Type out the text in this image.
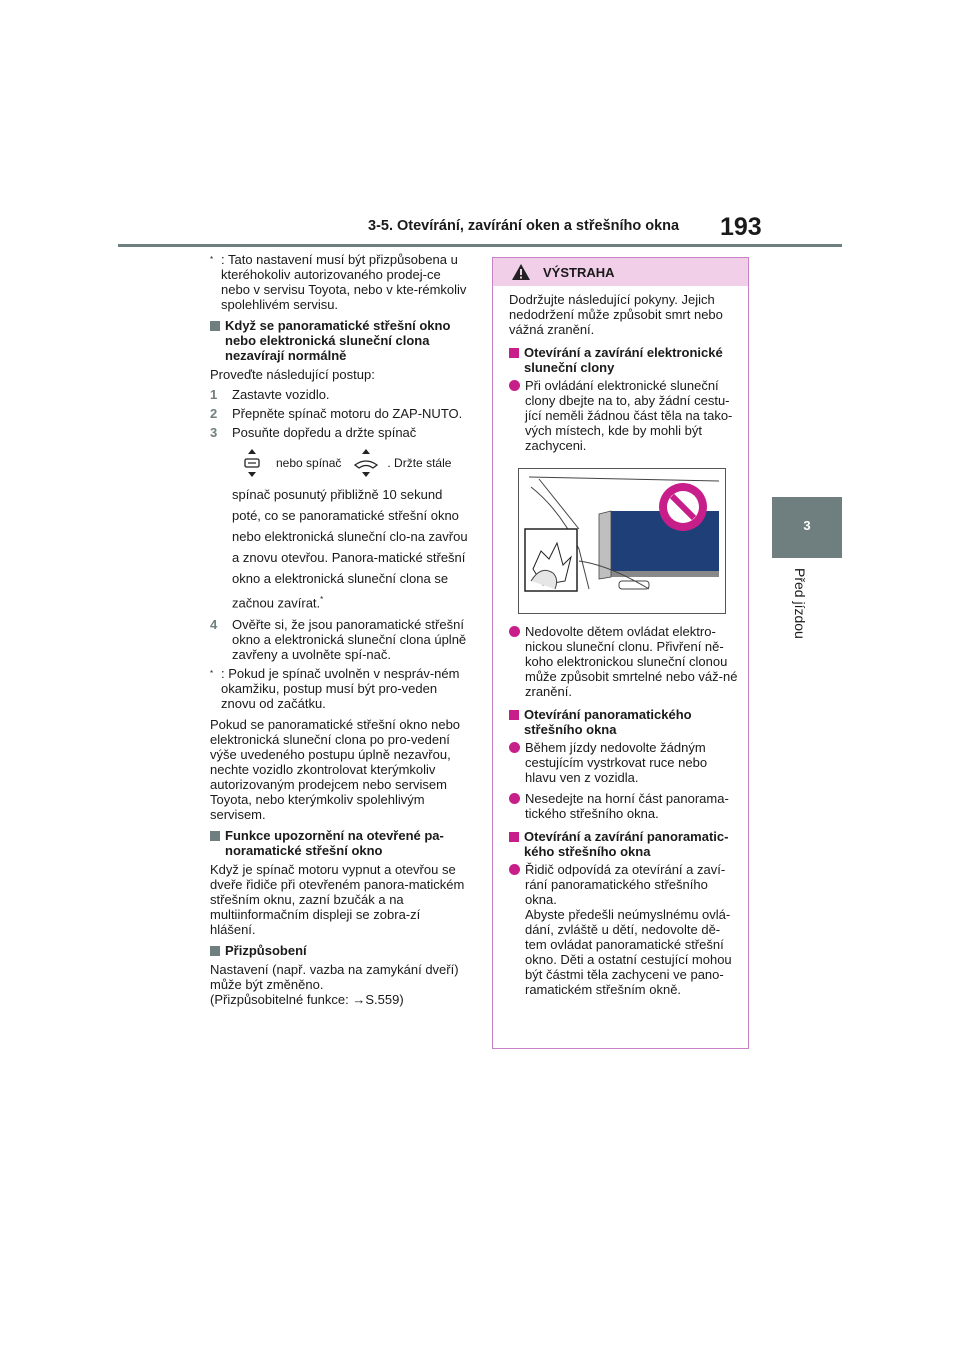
3-5. Otevírání, zavírání oken a střešního okna 193
3
Před jízdou
* : Tato nastavení musí být přizpůsobena u kteréhokoliv autorizovaného prodej-ce nebo v servisu Toyota, nebo v kte-rémkoliv spolehlivém servisu.
Když se panoramatické střešní okno nebo elektronická sluneční clona nezavírají normálně

Proveďte následující postup:

1	Zastavte vozidlo.
2	Přepněte spínač motoru do ZAP-NUTO.
3	Posuňte dopředu a držte spínač
nebo spínač	. Držte stále
spínač posunutý přibližně 10 sekund poté, co se panoramatické střešní okno nebo elektronická sluneční clo-na zavřou a znovu otevřou. Panora-matické střešní okno a elektronická sluneční clona se začnou zavírat.*
4	Ověřte si, že jsou panoramatické střešní okno a elektronická sluneční clona úplně zavřeny a uvolněte spí-nač.
* : Pokud je spínač uvolněn v nespráv-ném okamžiku, postup musí být pro-veden znovu od začátku.

Pokud se panoramatické střešní okno nebo elektronická sluneční clona po pro-vedení výše uvedeného postupu úplně nezavřou, nechte vozidlo zkontrolovat kterýmkoliv autorizovaným prodejcem nebo servisem Toyota, nebo kterýmkoliv spolehlivým servisem.

Funkce upozornění na otevřené pa-noramatické střešní okno

Když je spínač motoru vypnut a otevřou se dveře řidiče při otevřeném panora-matickém střešním oknu, zazní bzučák a na multiinformačním displeji se zobra-zí hlášení.

Přizpůsobení

Nastavení (např. vazba na zamykání dveří) může být změněno.

(Přizpůsobitelné funkce: →S.559)

VÝSTRAHA

Dodržujte následující pokyny. Jejich nedodržení může způsobit smrt nebo vážná zranění.

Otevírání a zavírání elektronické sluneční clony
Při ovládání elektronické sluneční clony dbejte na to, aby žádní cestu-jící neměli žádnou část těla na tako-vých místech, kde by mohli být zachyceni.
Nedovolte dětem ovládat elektro-nickou sluneční clonu. Přivření ně-koho elektronickou sluneční clonou může způsobit smrtelné nebo váž-né zranění.
Otevírání panoramatického střešního okna
Během jízdy nedovolte žádným cestujícím vystrkovat ruce nebo hlavu ven z vozidla.
Nesedejte na horní část panorama-tického střešního okna.
Otevírání a zavírání panoramatic-kého střešního okna
Řidič odpovídá za otevírání a zaví-rání panoramatického střešního okna.
Abyste předešli neúmyslnému ovlá-dání, zvláště u dětí, nedovolte dě-tem ovládat panoramatické střešní okno. Děti a ostatní cestující mohou být částmi těla zachyceni ve pano-ramatickém střešním okně.
